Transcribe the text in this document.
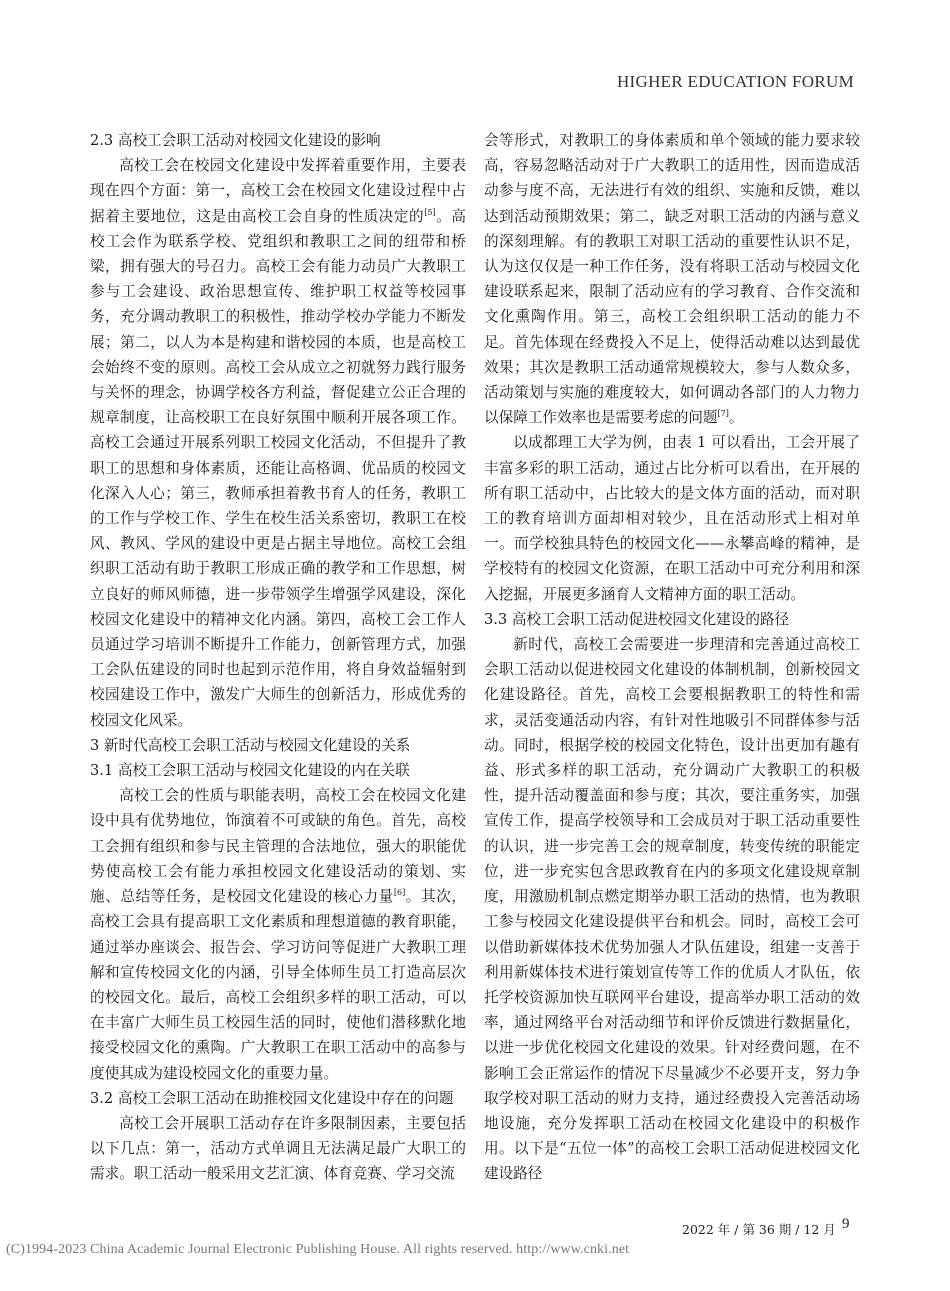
HIGHER EDUCATION FORUM
2.3 高校工会职工活动对校园文化建设的影响

高校工会在校园文化建设中发挥着重要作用，主要表现在四个方面：第一，高校工会在校园文化建设过程中占据着主要地位，这是由高校工会自身的性质决定的[5]。高校工会作为联系学校、党组织和教职工之间的纽带和桥梁，拥有强大的号召力。高校工会有能力动员广大教职工参与工会建设、政治思想宣传、维护职工权益等校园事务，充分调动教职工的积极性，推动学校办学能力不断发展；第二，以人为本是构建和谐校园的本质，也是高校工会始终不变的原则。高校工会从成立之初就努力践行服务与关怀的理念，协调学校各方利益，督促建立公正合理的规章制度，让高校职工在良好氛围中顺利开展各项工作。高校工会通过开展系列职工校园文化活动，不但提升了教职工的思想和身体素质，还能让高格调、优品质的校园文化深入人心；第三，教师承担着教书育人的任务，教职工的工作与学校工作、学生在校生活关系密切，教职工在校风、教风、学风的建设中更是占据主导地位。高校工会组织职工活动有助于教职工形成正确的教学和工作思想，树立良好的师风师德，进一步带领学生增强学风建设，深化校园文化建设中的精神文化内涵。第四，高校工会工作人员通过学习培训不断提升工作能力，创新管理方式，加强工会队伍建设的同时也起到示范作用，将自身效益辐射到校园建设工作中，激发广大师生的创新活力，形成优秀的校园文化风采。

3 新时代高校工会职工活动与校园文化建设的关系
3.1 高校工会职工活动与校园文化建设的内在关联

高校工会的性质与职能表明，高校工会在校园文化建设中具有优势地位，饰演着不可或缺的角色。首先，高校工会拥有组织和参与民主管理的合法地位，强大的职能优势使高校工会有能力承担校园文化建设活动的策划、实施、总结等任务，是校园文化建设的核心力量[6]。其次，高校工会具有提高职工文化素质和理想道德的教育职能，通过举办座谈会、报告会、学习访问等促进广大教职工理解和宣传校园文化的内涵，引导全体师生员工打造高层次的校园文化。最后，高校工会组织多样的职工活动，可以在丰富广大师生员工校园生活的同时，使他们潜移默化地接受校园文化的熏陶。广大教职工在职工活动中的高参与度使其成为建设校园文化的重要力量。

3.2 高校工会职工活动在助推校园文化建设中存在的问题

高校工会开展职工活动存在许多限制因素，主要包括以下几点：第一，活动方式单调且无法满足最广大职工的需求。职工活动一般采用文艺汇演、体育竞赛、学习交流

会等形式，对教职工的身体素质和单个领域的能力要求较高，容易忽略活动对于广大教职工的适用性，因而造成活动参与度不高，无法进行有效的组织、实施和反馈，难以达到活动预期效果；第二，缺乏对职工活动的内涵与意义的深刻理解。有的教职工对职工活动的重要性认识不足，认为这仅仅是一种工作任务，没有将职工活动与校园文化建设联系起来，限制了活动应有的学习教育、合作交流和文化熏陶作用。第三，高校工会组织职工活动的能力不足。首先体现在经费投入不足上，使得活动难以达到最优效果；其次是教职工活动通常规模较大，参与人数众多，活动策划与实施的难度较大，如何调动各部门的人力物力以保障工作效率也是需要考虑的问题[7]。

以成都理工大学为例，由表 1 可以看出，工会开展了丰富多彩的职工活动，通过占比分析可以看出，在开展的所有职工活动中，占比较大的是文体方面的活动，而对职工的教育培训方面却相对较少，且在活动形式上相对单一。而学校独具特色的校园文化——永攀高峰的精神，是学校特有的校园文化资源，在职工活动中可充分利用和深入挖掘，开展更多涵育人文精神方面的职工活动。

3.3 高校工会职工活动促进校园文化建设的路径

新时代，高校工会需要进一步理清和完善通过高校工会职工活动以促进校园文化建设的体制机制，创新校园文化建设路径。首先，高校工会要根据教职工的特性和需求，灵活变通活动内容，有针对性地吸引不同群体参与活动。同时，根据学校的校园文化特色，设计出更加有趣有益、形式多样的职工活动，充分调动广大教职工的积极性，提升活动覆盖面和参与度；其次，要注重务实，加强宣传工作，提高学校领导和工会成员对于职工活动重要性的认识，进一步完善工会的规章制度，转变传统的职能定位，进一步充实包含思政教育在内的多项文化建设规章制度，用激励机制点燃定期举办职工活动的热情，也为教职工参与校园文化建设提供平台和机会。同时，高校工会可以借助新媒体技术优势加强人才队伍建设，组建一支善于利用新媒体技术进行策划宣传等工作的优质人才队伍，依托学校资源加快互联网平台建设，提高举办职工活动的效率，通过网络平台对活动细节和评价反馈进行数据量化，以进一步优化校园文化建设的效果。针对经费问题，在不影响工会正常运作的情况下尽量减少不必要开支，努力争取学校对职工活动的财力支持，通过经费投入完善活动场地设施，充分发挥职工活动在校园文化建设中的积极作用。以下是“五位一体”的高校工会职工活动促进校园文化建设路径

2022 年 / 第 36 期 / 12 月 9
(C)1994-2023 China Academic Journal Electronic Publishing House. All rights reserved. http://www.cnki.net
